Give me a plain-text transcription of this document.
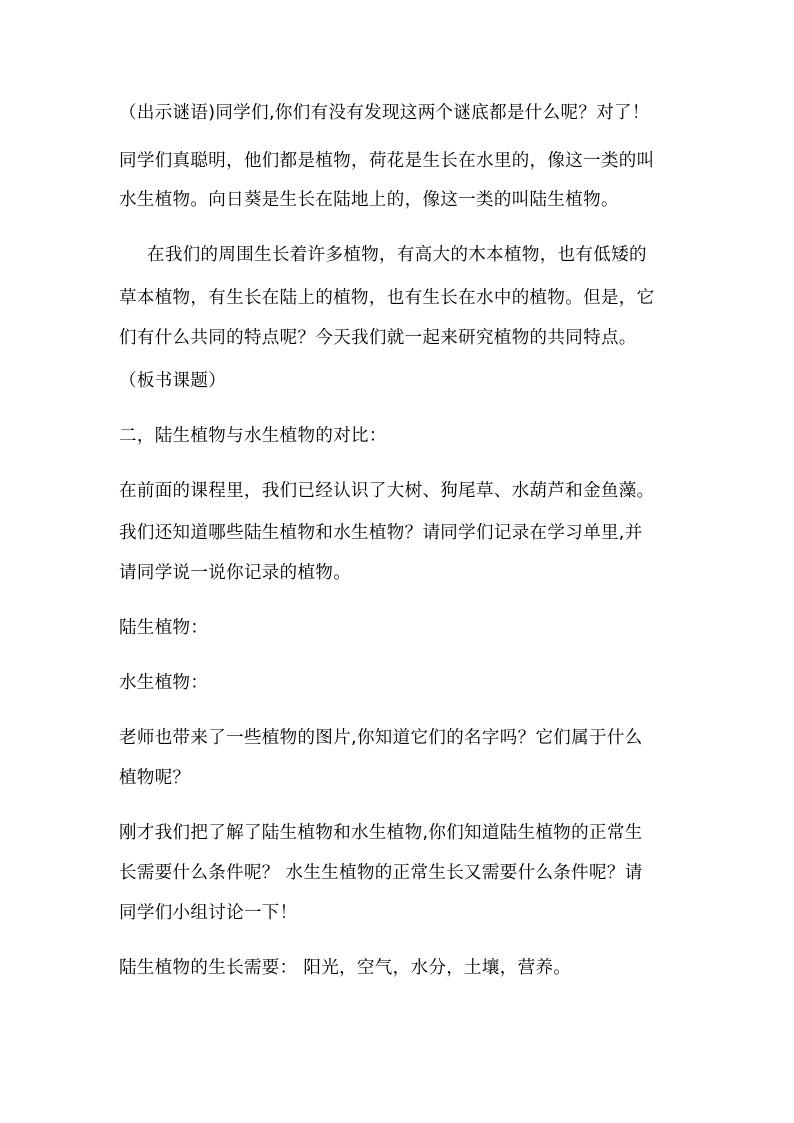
（出示谜语)同学们,你们有没有发现这两个谜底都是什么呢？对了！
同学们真聪明，他们都是植物，荷花是生长在水里的，像这一类的叫
水生植物。向日葵是生长在陆地上的，像这一类的叫陆生植物。
在我们的周围生长着许多植物，有高大的木本植物，也有低矮的
草本植物，有生长在陆上的植物，也有生长在水中的植物。但是，它
们有什么共同的特点呢？今天我们就一起来研究植物的共同特点。
（板书课题）
二，陆生植物与水生植物的对比：
在前面的课程里，我们已经认识了大树、狗尾草、水葫芦和金鱼藻。
我们还知道哪些陆生植物和水生植物？请同学们记录在学习单里,并
请同学说一说你记录的植物。
陆生植物：
水生植物：
老师也带来了一些植物的图片,你知道它们的名字吗？它们属于什么
植物呢？
刚才我们把了解了陆生植物和水生植物,你们知道陆生植物的正常生
长需要什么条件呢？ 水生生植物的正常生长又需要什么条件呢？请
同学们小组讨论一下！
陆生植物的生长需要： 阳光，空气，水分，土壤，营养。
